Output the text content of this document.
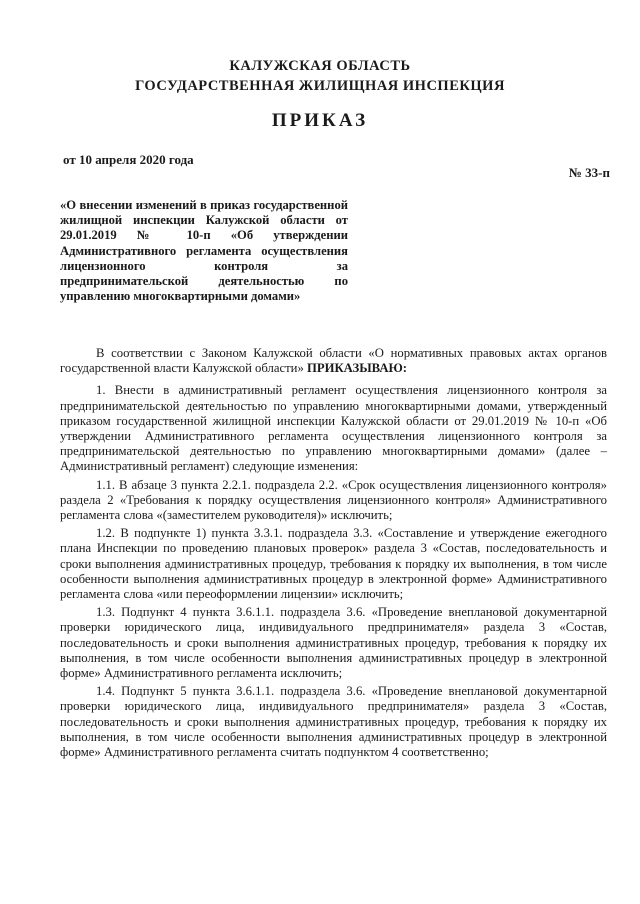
КАЛУЖСКАЯ ОБЛАСТЬ
ГОСУДАРСТВЕННАЯ ЖИЛИЩНАЯ ИНСПЕКЦИЯ
ПРИКАЗ
от 10 апреля 2020 года
№ 33-п
«О внесении изменений в приказ государственной жилищной инспекции Калужской области от 29.01.2019 № 10-п «Об утверждении Административного регламента осуществления лицензионного контроля за предпринимательской деятельностью по управлению многоквартирными домами»

В соответствии с Законом Калужской области «О нормативных правовых актах органов государственной власти Калужской области» ПРИКАЗЫВАЮ:

1. Внести в административный регламент осуществления лицензионного контроля за предпринимательской деятельностью по управлению многоквартирными домами, утвержденный приказом государственной жилищной инспекции Калужской области от 29.01.2019 № 10-п «Об утверждении Административного регламента осуществления лицензионного контроля за предпринимательской деятельностью по управлению многоквартирными домами» (далее – Административный регламент) следующие изменения:

1.1. В абзаце 3 пункта 2.2.1. подраздела 2.2. «Срок осуществления лицензионного контроля» раздела 2 «Требования к порядку осуществления лицензионного контроля» Административного регламента слова «(заместителем руководителя)» исключить;

1.2. В подпункте 1) пункта 3.3.1. подраздела 3.3. «Составление и утверждение ежегодного плана Инспекции по проведению плановых проверок» раздела 3 «Состав, последовательность и сроки выполнения административных процедур, требования к порядку их выполнения, в том числе особенности выполнения административных процедур в электронной форме» Административного регламента слова «или переоформлении лицензии» исключить;

1.3. Подпункт 4 пункта 3.6.1.1. подраздела 3.6. «Проведение внеплановой документарной проверки юридического лица, индивидуального предпринимателя» раздела 3 «Состав, последовательность и сроки выполнения административных процедур, требования к порядку их выполнения, в том числе особенности выполнения административных процедур в электронной форме» Административного регламента исключить;

1.4. Подпункт 5 пункта 3.6.1.1. подраздела 3.6. «Проведение внеплановой документарной проверки юридического лица, индивидуального предпринимателя» раздела 3 «Состав, последовательность и сроки выполнения административных процедур, требования к порядку их выполнения, в том числе особенности выполнения административных процедур в электронной форме» Административного регламента считать подпунктом 4 соответственно;
